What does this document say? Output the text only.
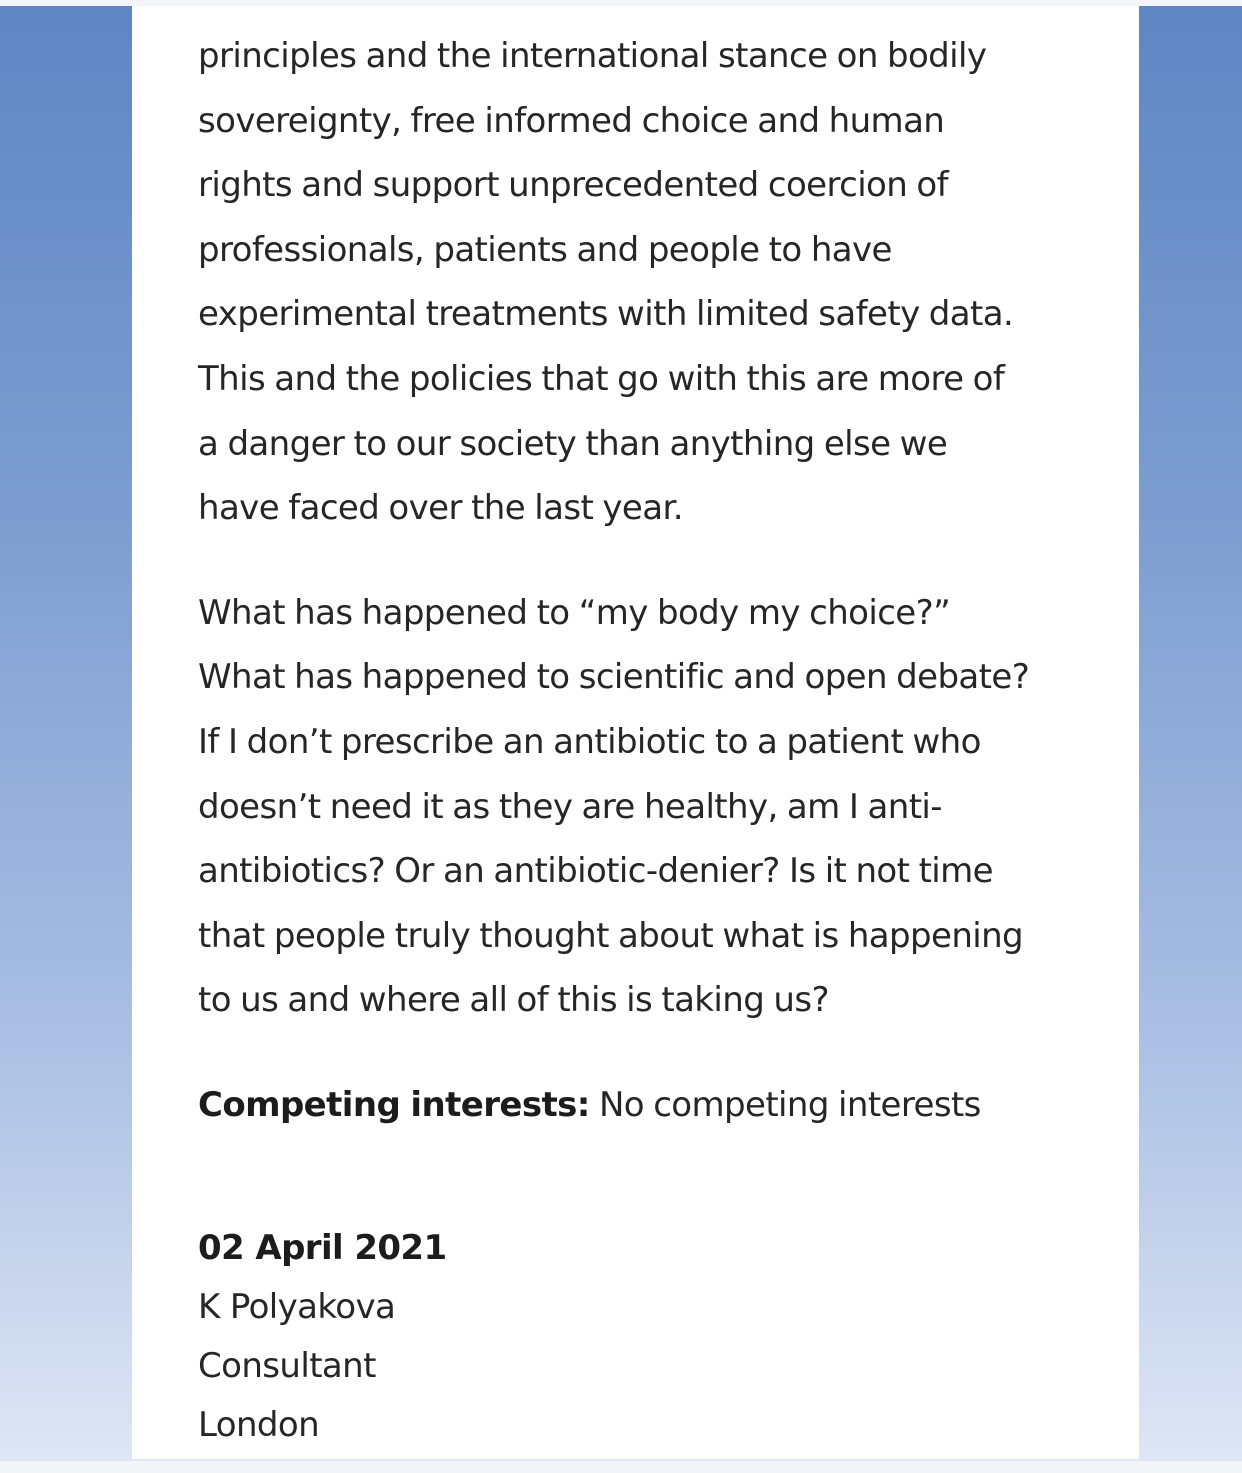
principles and the international stance on bodily
sovereignty, free informed choice and human
rights and support unprecedented coercion of
professionals, patients and people to have
experimental treatments with limited safety data.
This and the policies that go with this are more of
a danger to our society than anything else we
have faced over the last year.

What has happened to “my body my choice?”
What has happened to scientific and open debate?
If I don’t prescribe an antibiotic to a patient who
doesn’t need it as they are healthy, am I anti-
antibiotics? Or an antibiotic-denier? Is it not time
that people truly thought about what is happening
to us and where all of this is taking us?

Competing interests: No competing interests
02 April 2021
K Polyakova
Consultant
London
